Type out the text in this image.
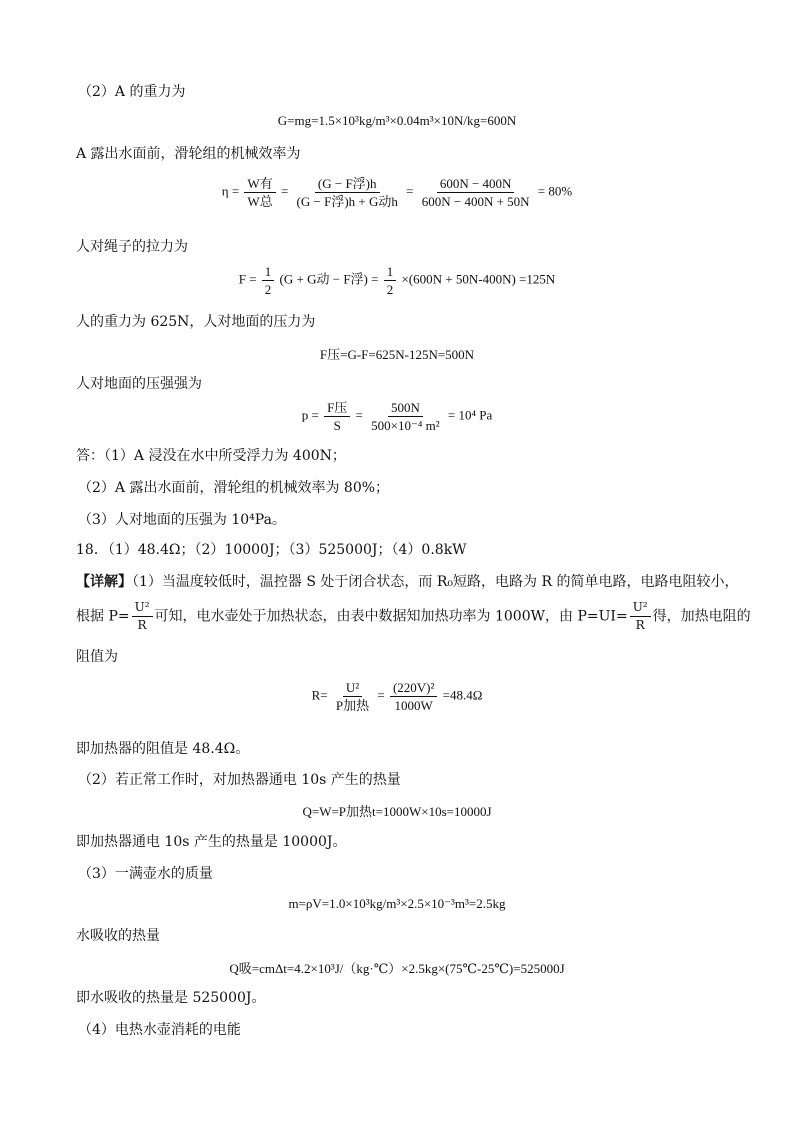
（2）A 的重力为
G=mg=1.5×10³kg/m³×0.04m³×10N/kg=600N
A 露出水面前，滑轮组的机械效率为
$\eta = \frac{\text{W有}}{\text{W总}} = \frac{\text{(G − F浮)h}}{\text{(G − F浮)h + G动h}} = \frac{600N - 400N}{600N - 400N + 50N} = 80\%$
人对绳子的拉力为
$F = \frac{1}{2} (G + G$动 − F浮) = $\frac{1}{2} \times(600N + 50N-400N) =125N$
人的重力为 625N，人对地面的压力为
F压=G-F=625N-125N=500N
人对地面的压强强为
$p = \frac{\text{F压}}{S} = \frac{500N}{\text{500×10⁻⁴ m²}} = 10^4$ Pa
答：（1）A 浸没在水中所受浮力为 400N；
（2）A 露出水面前，滑轮组的机械效率为 80%；
（3）人对地面的压强为 10⁴Pa。
18．（1）48.4Ω；（2）10000J；（3）525000J；（4）0.8kW
【详解】（1）当温度较低时，温控器 S 处于闭合状态，而 R₀短路，电路为 R 的简单电路，电路电阻较小，
根据 $P= \frac{\text{U²}}{R}$ 可知，电水壶处于加热状态，由表中数据知加热功率为 1000W，由 $P=UI= \frac{\text{U²}}{R}$ 得，加热电阻的
阻值为
$R= \frac{\text{U²}}{\text{P加热}} = \frac{\text{(220V)²}}{1000W} =48.4\Omega$
即加热器的阻值是 48.4Ω。
（2）若正常工作时，对加热器通电 10s 产生的热量
Q=W=P加热t=1000W×10s=10000J
即加热器通电 10s 产生的热量是 10000J。
（3）一满壶水的质量
m=ρV=1.0×10³kg/m³×2.5×10⁻³m³=2.5kg
水吸收的热量
Q吸=cmΔt=4.2×10³J/（kg·℃）×2.5kg×(75℃-25℃)=525000J
即水吸收的热量是 525000J。
（4）电热水壶消耗的电能
